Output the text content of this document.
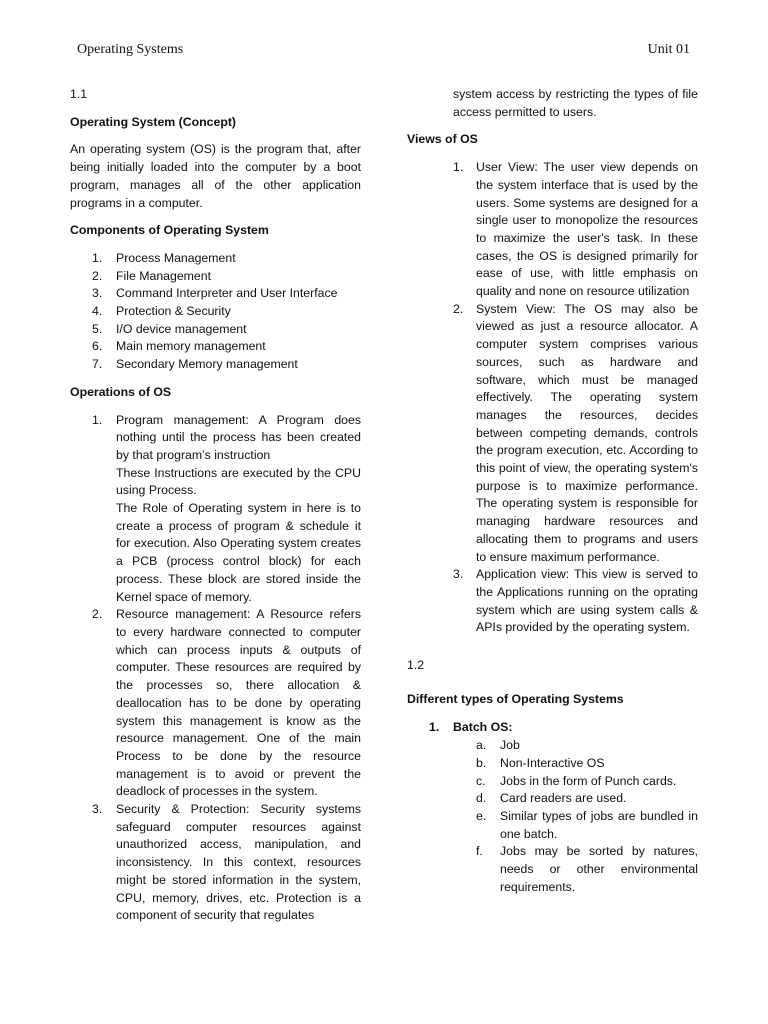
Operating Systems	Unit 01

1.1

Operating System (Concept)

An operating system (OS) is the program that, after being initially loaded into the computer by a boot program, manages all of the other application programs in a computer.

Components of Operating System
1. Process Management
2. File Management
3. Command Interpreter and User Interface
4. Protection & Security
5. I/O device management
6. Main memory management
7. Secondary Memory management
Operations of OS
1. Program management: A Program does nothing until the process has been created by that program’s instruction
These Instructions are executed by the CPU using Process.
The Role of Operating system in here is to create a process of program & schedule it for execution. Also Operating system creates a PCB (process control block) for each process. These block are stored inside the Kernel space of memory.
2. Resource management: A Resource refers to every hardware connected to computer which can process inputs & outputs of computer. These resources are required by the processes so, there allocation & deallocation has to be done by operating system this management is know as the resource management. One of the main Process to be done by the resource management is to avoid or prevent the deadlock of processes in the system.
3. Security & Protection: Security systems safeguard computer resources against unauthorized access, manipulation, and inconsistency. In this context, resources might be stored information in the system, CPU, memory, drives, etc. Protection is a component of security that regulates

system access by restricting the types of file access permitted to users.

Views of OS
1. User View: The user view depends on the system interface that is used by the users. Some systems are designed for a single user to monopolize the resources to maximize the user's task. In these cases, the OS is designed primarily for ease of use, with little emphasis on quality and none on resource utilization
2. System View: The OS may also be viewed as just a resource allocator. A computer system comprises various sources, such as hardware and software, which must be managed effectively. The operating system manages the resources, decides between competing demands, controls the program execution, etc. According to this point of view, the operating system's purpose is to maximize performance. The operating system is responsible for managing hardware resources and allocating them to programs and users to ensure maximum performance.
3. Application view: This view is served to the Applications running on the oprating system which are using system calls & APIs provided by the operating system.

1.2

Different types of Operating Systems
1. Batch OS:
a. Job
b. Non-Interactive OS
c. Jobs in the form of Punch cards.
d. Card readers are used.
e. Similar types of jobs are bundled in one batch.
f. Jobs may be sorted by natures, needs or other environmental requirements.
